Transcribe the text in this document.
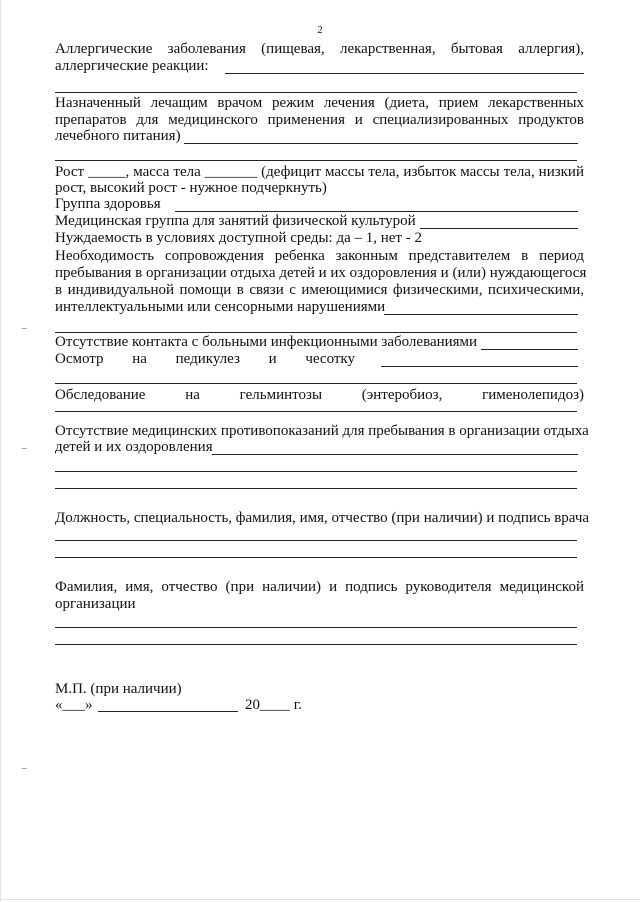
2
Аллергические заболевания (пищевая, лекарственная, бытовая аллергия),
аллергические реакции:
Назначенный лечащим врачом режим лечения (диета, прием лекарственных
препаратов для медицинского применения и специализированных продуктов
лечебного питания)
Рост _____, масса тела _______ (дефицит массы тела, избыток массы тела, низкий
рост, высокий рост - нужное подчеркнуть)
Группа здоровья
Медицинская группа для занятий физической культурой
Нуждаемость в условиях доступной среды: да – 1, нет - 2
Необходимость сопровождения ребенка законным представителем в период
пребывания в организации отдыха детей и их оздоровления и (или) нуждающегося
в индивидуальной помощи в связи с имеющимися физическими, психическими,
интеллектуальными или сенсорными нарушениями
Отсутствие контакта с больными инфекционными заболеваниями
Осмотр на педикулез и чесотку
Обследование на гельминтозы (энтеробиоз, гименолепидоз)
Отсутствие медицинских противопоказаний для пребывания в организации отдыха
детей и их оздоровления
Должность, специальность, фамилия, имя, отчество (при наличии) и подпись врача
Фамилия, имя, отчество (при наличии) и подпись руководителя медицинской
организации
М.П. (при наличии)
«___»	20____ г.
